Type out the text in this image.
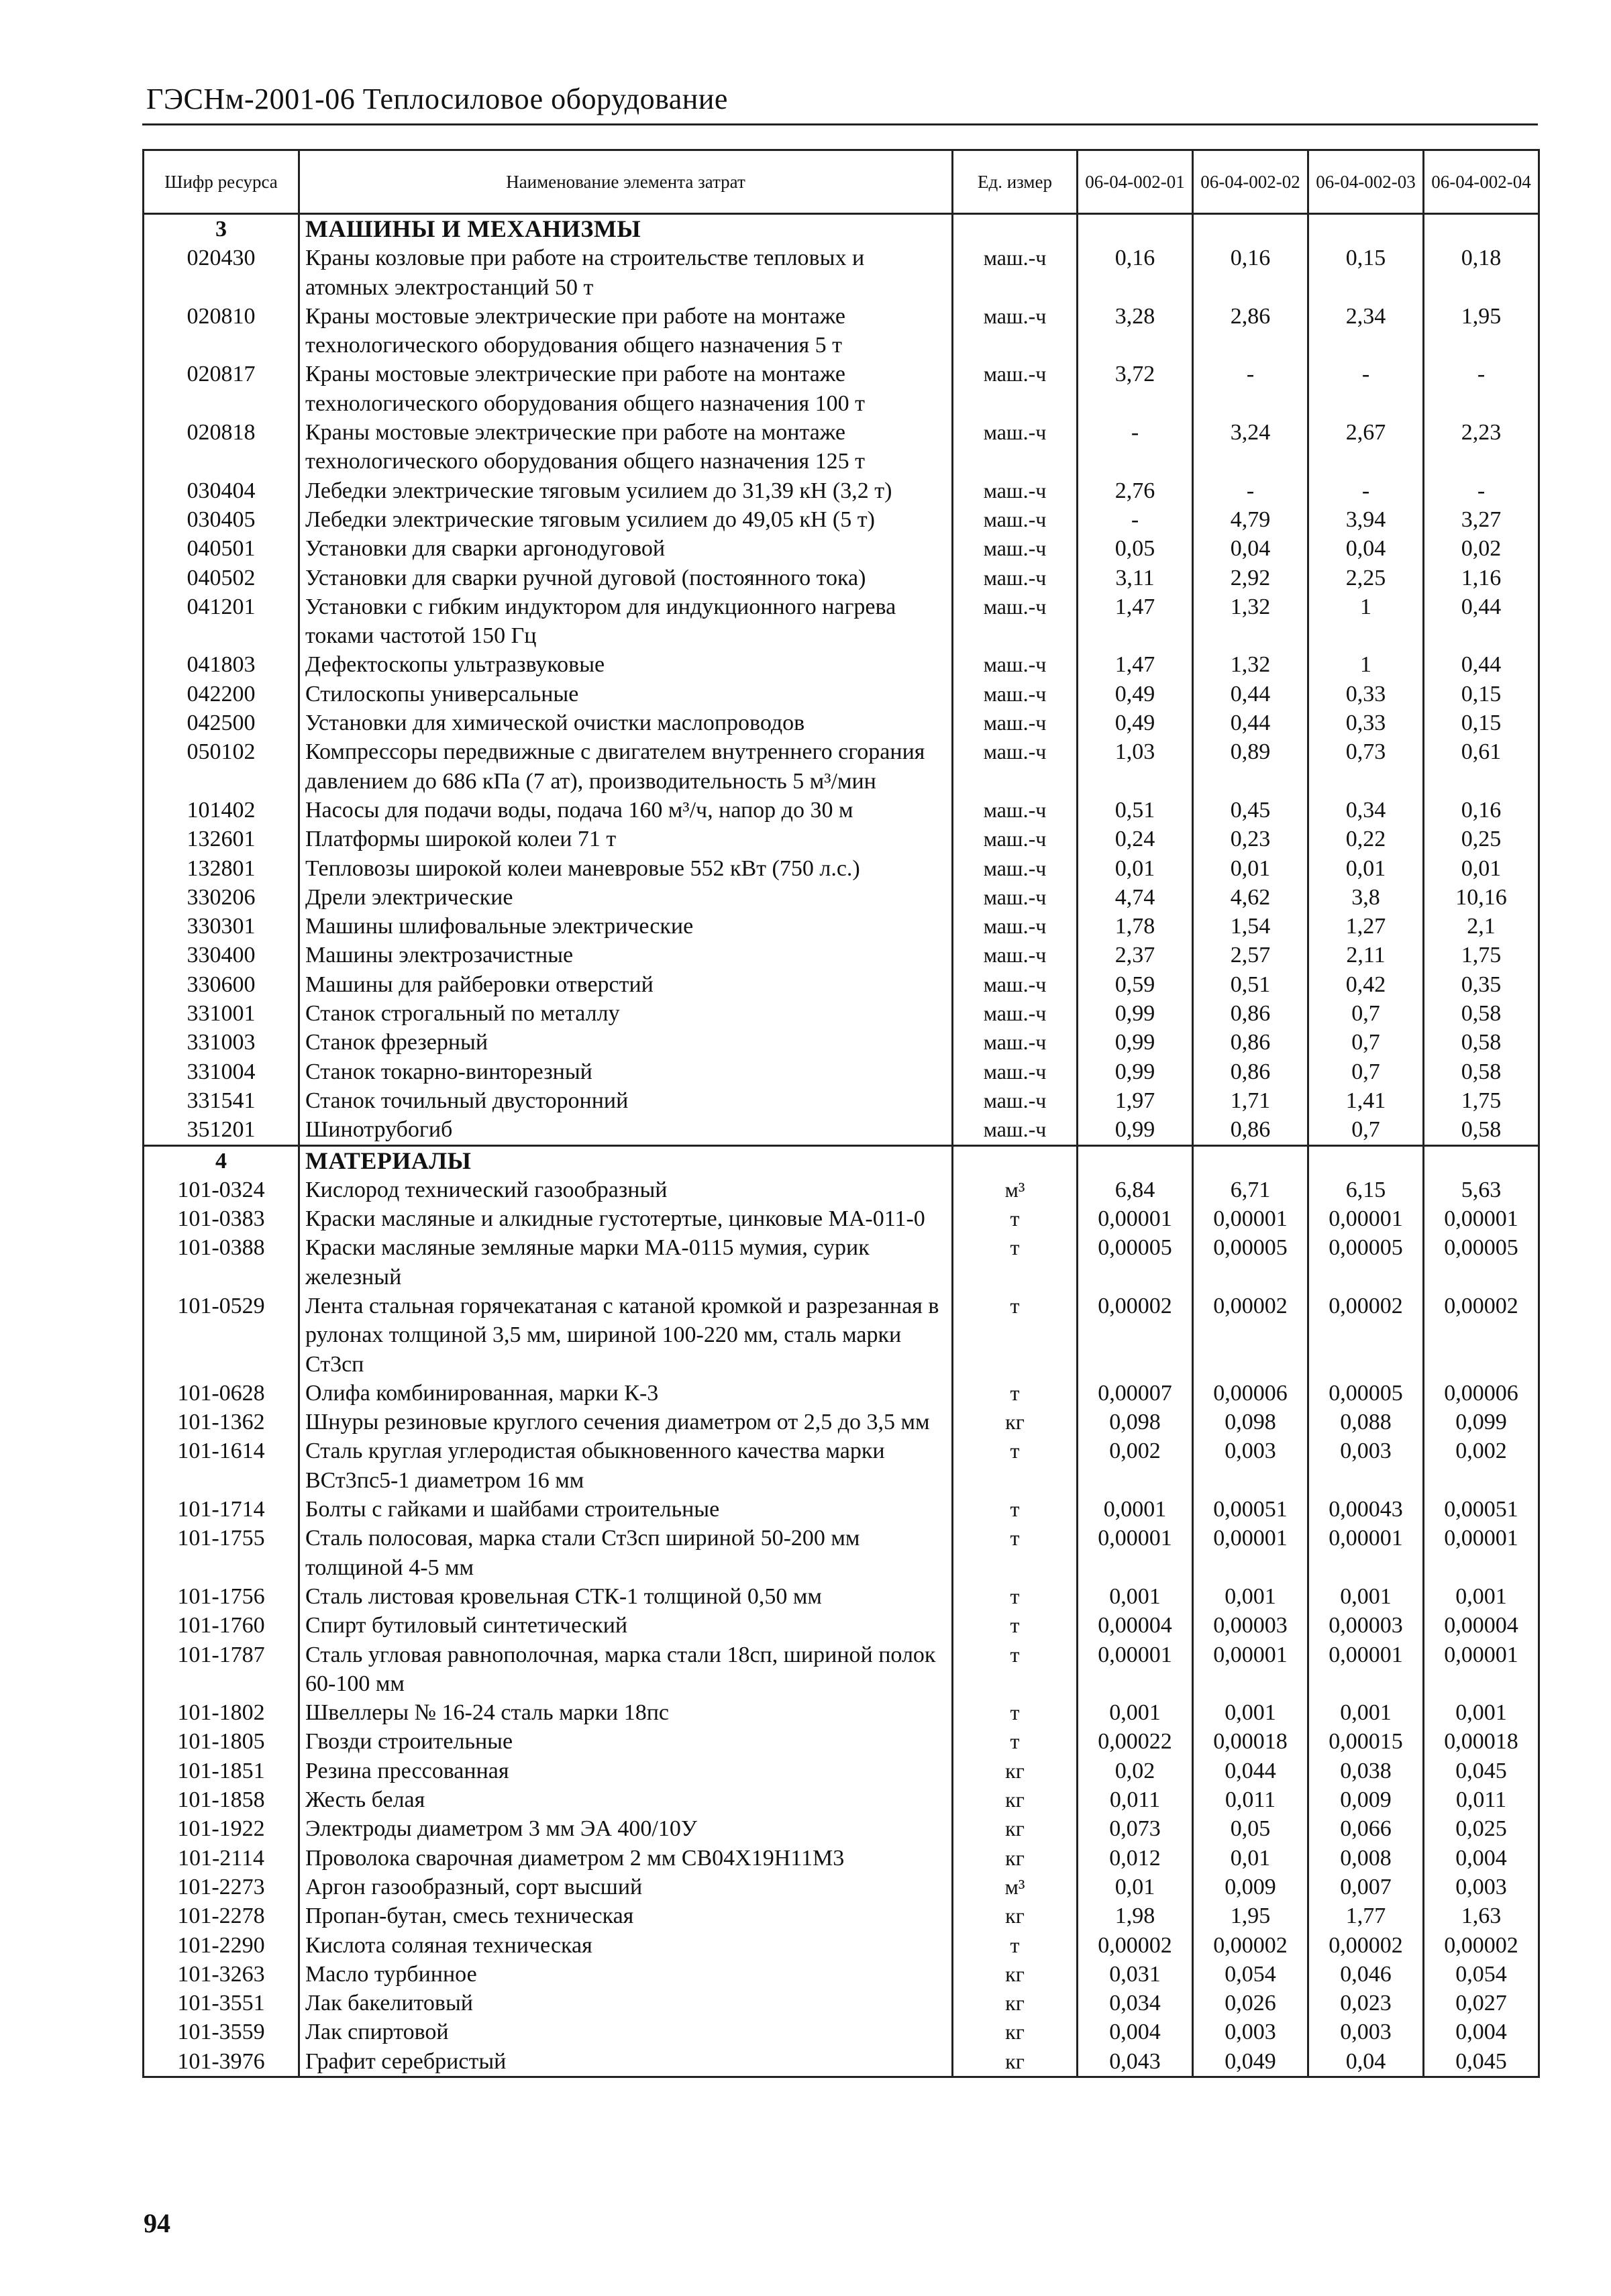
ГЭСНм-2001-06 Теплосиловое оборудование
Шифр ресурса	Наименование элемента затрат	Ед. измер	06-04-002-01	06-04-002-02	06-04-002-03	06-04-002-04
3	МАШИНЫ И МЕХАНИЗМЫ					
020430	Краны козловые при работе на строительстве тепловых и атомных электростанций 50 т	маш.-ч	0,16	0,16	0,15	0,18
020810	Краны мостовые электрические при работе на монтаже технологического оборудования общего назначения 5 т	маш.-ч	3,28	2,86	2,34	1,95
020817	Краны мостовые электрические при работе на монтаже технологического оборудования общего назначения 100 т	маш.-ч	3,72	-	-	-
020818	Краны мостовые электрические при работе на монтаже технологического оборудования общего назначения 125 т	маш.-ч	-	3,24	2,67	2,23
030404	Лебедки электрические тяговым усилием до 31,39 кН (3,2 т)	маш.-ч	2,76	-	-	-
030405	Лебедки электрические тяговым усилием до 49,05 кН (5 т)	маш.-ч	-	4,79	3,94	3,27
040501	Установки для сварки аргонодуговой	маш.-ч	0,05	0,04	0,04	0,02
040502	Установки для сварки ручной дуговой (постоянного тока)	маш.-ч	3,11	2,92	2,25	1,16
041201	Установки с гибким индуктором для индукционного нагрева токами частотой 150 Гц	маш.-ч	1,47	1,32	1	0,44
041803	Дефектоскопы ультразвуковые	маш.-ч	1,47	1,32	1	0,44
042200	Стилоскопы универсальные	маш.-ч	0,49	0,44	0,33	0,15
042500	Установки для химической очистки маслопроводов	маш.-ч	0,49	0,44	0,33	0,15
050102	Компрессоры передвижные с двигателем внутреннего сгорания давлением до 686 кПа (7 ат), производительность 5 м³/мин	маш.-ч	1,03	0,89	0,73	0,61
101402	Насосы для подачи воды, подача 160 м³/ч, напор до 30 м	маш.-ч	0,51	0,45	0,34	0,16
132601	Платформы широкой колеи 71 т	маш.-ч	0,24	0,23	0,22	0,25
132801	Тепловозы широкой колеи маневровые 552 кВт (750 л.с.)	маш.-ч	0,01	0,01	0,01	0,01
330206	Дрели электрические	маш.-ч	4,74	4,62	3,8	10,16
330301	Машины шлифовальные электрические	маш.-ч	1,78	1,54	1,27	2,1
330400	Машины электрозачистные	маш.-ч	2,37	2,57	2,11	1,75
330600	Машины для райберовки отверстий	маш.-ч	0,59	0,51	0,42	0,35
331001	Станок строгальный по металлу	маш.-ч	0,99	0,86	0,7	0,58
331003	Станок фрезерный	маш.-ч	0,99	0,86	0,7	0,58
331004	Станок токарно-винторезный	маш.-ч	0,99	0,86	0,7	0,58
331541	Станок точильный двусторонний	маш.-ч	1,97	1,71	1,41	1,75
351201	Шинотрубогиб	маш.-ч	0,99	0,86	0,7	0,58
4	МАТЕРИАЛЫ					
101-0324	Кислород технический газообразный	м³	6,84	6,71	6,15	5,63
101-0383	Краски масляные и алкидные густотертые, цинковые МА-011-0	т	0,00001	0,00001	0,00001	0,00001
101-0388	Краски масляные земляные марки МА-0115 мумия, сурик железный	т	0,00005	0,00005	0,00005	0,00005
101-0529	Лента стальная горячекатаная с катаной кромкой и разрезанная в рулонах толщиной 3,5 мм, шириной 100-220 мм, сталь марки Ст3сп	т	0,00002	0,00002	0,00002	0,00002
101-0628	Олифа комбинированная, марки К-3	т	0,00007	0,00006	0,00005	0,00006
101-1362	Шнуры резиновые круглого сечения диаметром от 2,5 до 3,5 мм	кг	0,098	0,098	0,088	0,099
101-1614	Сталь круглая углеродистая обыкновенного качества марки ВСт3пс5-1 диаметром 16 мм	т	0,002	0,003	0,003	0,002
101-1714	Болты с гайками и шайбами строительные	т	0,0001	0,00051	0,00043	0,00051
101-1755	Сталь полосовая, марка стали Ст3сп шириной 50-200 мм толщиной 4-5 мм	т	0,00001	0,00001	0,00001	0,00001
101-1756	Сталь листовая кровельная СТК-1 толщиной 0,50 мм	т	0,001	0,001	0,001	0,001
101-1760	Спирт бутиловый синтетический	т	0,00004	0,00003	0,00003	0,00004
101-1787	Сталь угловая равнополочная, марка стали 18сп, шириной полок 60-100 мм	т	0,00001	0,00001	0,00001	0,00001
101-1802	Швеллеры № 16-24 сталь марки 18пс	т	0,001	0,001	0,001	0,001
101-1805	Гвозди строительные	т	0,00022	0,00018	0,00015	0,00018
101-1851	Резина прессованная	кг	0,02	0,044	0,038	0,045
101-1858	Жесть белая	кг	0,011	0,011	0,009	0,011
101-1922	Электроды диаметром 3 мм ЭА 400/10У	кг	0,073	0,05	0,066	0,025
101-2114	Проволока сварочная диаметром 2 мм СВ04Х19Н11М3	кг	0,012	0,01	0,008	0,004
101-2273	Аргон газообразный, сорт высший	м³	0,01	0,009	0,007	0,003
101-2278	Пропан-бутан, смесь техническая	кг	1,98	1,95	1,77	1,63
101-2290	Кислота соляная техническая	т	0,00002	0,00002	0,00002	0,00002
101-3263	Масло турбинное	кг	0,031	0,054	0,046	0,054
101-3551	Лак бакелитовый	кг	0,034	0,026	0,023	0,027
101-3559	Лак спиртовой	кг	0,004	0,003	0,003	0,004
101-3976	Графит серебристый	кг	0,043	0,049	0,04	0,045
94
